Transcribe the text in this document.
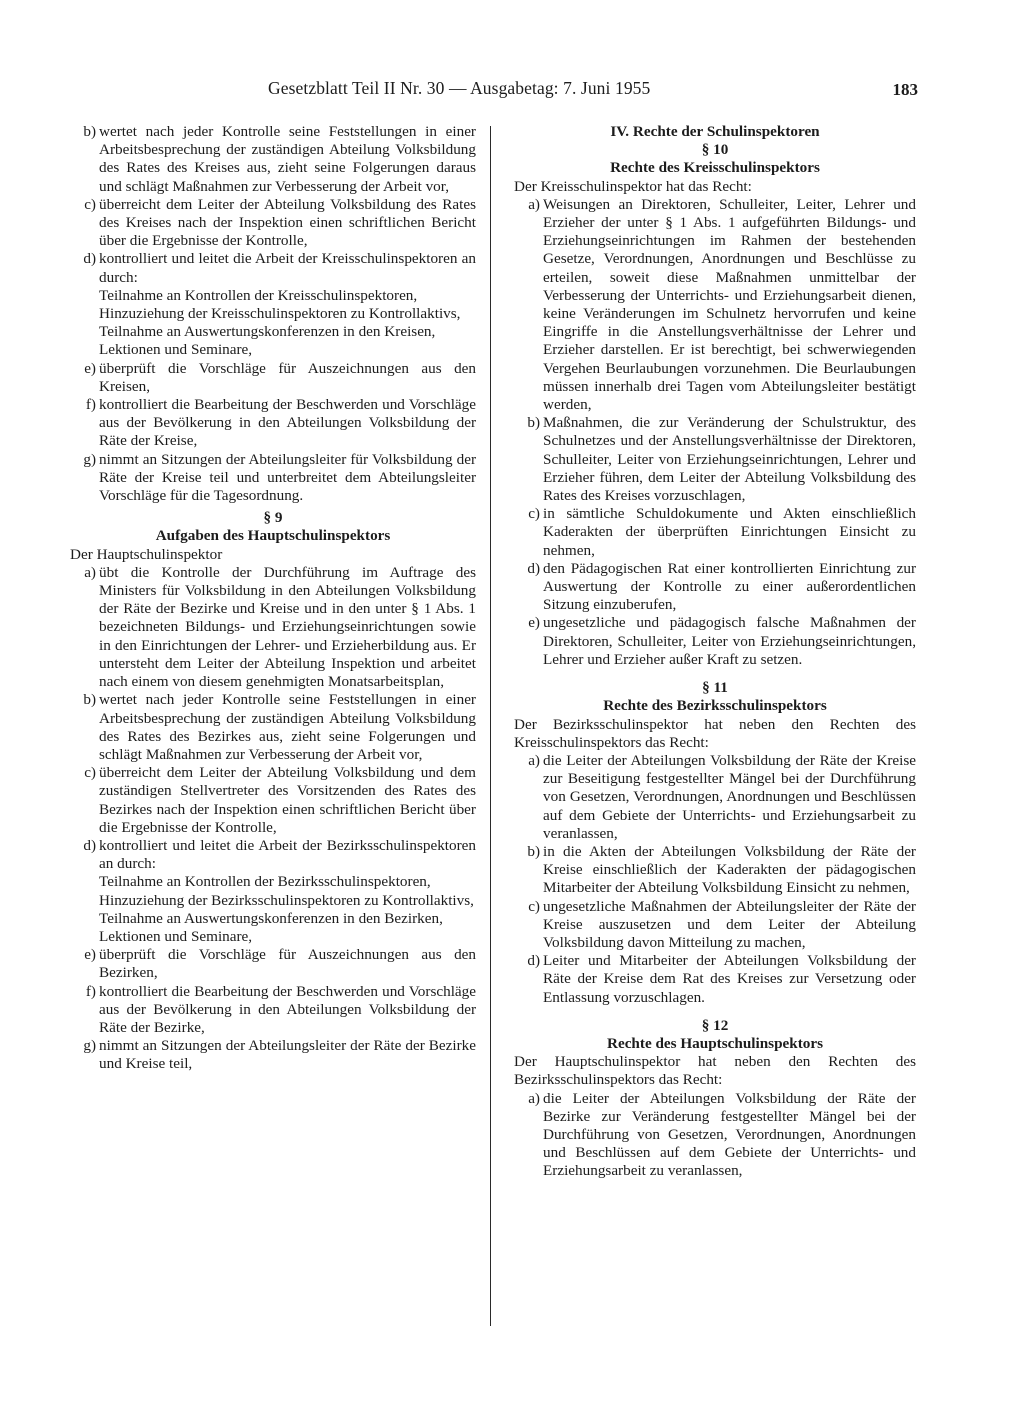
Gesetzblatt Teil II Nr. 30 — Ausgabetag: 7. Juni 1955	183
b) wertet nach jeder Kontrolle seine Feststellungen in einer Arbeitsbesprechung der zuständigen Abteilung Volksbildung des Rates des Kreises aus, zieht seine Folgerungen daraus und schlägt Maßnahmen zur Verbesserung der Arbeit vor,
c) überreicht dem Leiter der Abteilung Volksbildung des Rates des Kreises nach der Inspektion einen schriftlichen Bericht über die Ergebnisse der Kontrolle,
d) kontrolliert und leitet die Arbeit der Kreisschulinspektoren an durch:

Teilnahme an Kontrollen der Kreisschulinspektoren,

Hinzuziehung der Kreisschulinspektoren zu Kontrollaktivs,

Teilnahme an Auswertungskonferenzen in den Kreisen,

Lektionen und Seminare,

e) überprüft die Vorschläge für Auszeichnungen aus den Kreisen,
f) kontrolliert die Bearbeitung der Beschwerden und Vorschläge aus der Bevölkerung in den Abteilungen Volksbildung der Räte der Kreise,
g) nimmt an Sitzungen der Abteilungsleiter für Volksbildung der Räte der Kreise teil und unterbreitet dem Abteilungsleiter Vorschläge für die Tagesordnung.
§ 9
Aufgaben des Hauptschulinspektors

Der Hauptschulinspektor

a) übt die Kontrolle der Durchführung im Auftrage des Ministers für Volksbildung in den Abteilungen Volksbildung der Räte der Bezirke und Kreise und in den unter § 1 Abs. 1 bezeichneten Bildungs- und Erziehungseinrichtungen sowie in den Einrichtungen der Lehrer- und Erzieherbildung aus. Er untersteht dem Leiter der Abteilung Inspektion und arbeitet nach einem von diesem genehmigten Monatsarbeitsplan,
b) wertet nach jeder Kontrolle seine Feststellungen in einer Arbeitsbesprechung der zuständigen Abteilung Volksbildung des Rates des Bezirkes aus, zieht seine Folgerungen und schlägt Maßnahmen zur Verbesserung der Arbeit vor,
c) überreicht dem Leiter der Abteilung Volksbildung und dem zuständigen Stellvertreter des Vorsitzenden des Rates des Bezirkes nach der Inspektion einen schriftlichen Bericht über die Ergebnisse der Kontrolle,
d) kontrolliert und leitet die Arbeit der Bezirksschulinspektoren an durch:

Teilnahme an Kontrollen der Bezirksschulinspektoren,

Hinzuziehung der Bezirksschulinspektoren zu Kontrollaktivs,

Teilnahme an Auswertungskonferenzen in den Bezirken,

Lektionen und Seminare,

e) überprüft die Vorschläge für Auszeichnungen aus den Bezirken,
f) kontrolliert die Bearbeitung der Beschwerden und Vorschläge aus der Bevölkerung in den Abteilungen Volksbildung der Räte der Bezirke,
g) nimmt an Sitzungen der Abteilungsleiter der Räte der Bezirke und Kreise teil,
IV. Rechte der Schulinspektoren
§ 10
Rechte des Kreisschulinspektors

Der Kreisschulinspektor hat das Recht:

a) Weisungen an Direktoren, Schulleiter, Leiter, Lehrer und Erzieher der unter § 1 Abs. 1 aufgeführten Bildungs- und Erziehungseinrichtungen im Rahmen der bestehenden Gesetze, Verordnungen, Anordnungen und Beschlüsse zu erteilen, soweit diese Maßnahmen unmittelbar der Verbesserung der Unterrichts- und Erziehungsarbeit dienen, keine Veränderungen im Schulnetz hervorrufen und keine Eingriffe in die Anstellungsverhältnisse der Lehrer und Erzieher darstellen. Er ist berechtigt, bei schwerwiegenden Vergehen Beurlaubungen vorzunehmen. Die Beurlaubungen müssen innerhalb drei Tagen vom Abteilungsleiter bestätigt werden,
b) Maßnahmen, die zur Veränderung der Schulstruktur, des Schulnetzes und der Anstellungsverhältnisse der Direktoren, Schulleiter, Leiter von Erziehungseinrichtungen, Lehrer und Erzieher führen, dem Leiter der Abteilung Volksbildung des Rates des Kreises vorzuschlagen,
c) in sämtliche Schuldokumente und Akten einschließlich Kaderakten der überprüften Einrichtungen Einsicht zu nehmen,
d) den Pädagogischen Rat einer kontrollierten Einrichtung zur Auswertung der Kontrolle zu einer außerordentlichen Sitzung einzuberufen,
e) ungesetzliche und pädagogisch falsche Maßnahmen der Direktoren, Schulleiter, Leiter von Erziehungseinrichtungen, Lehrer und Erzieher außer Kraft zu setzen.
§ 11
Rechte des Bezirksschulinspektors

Der Bezirksschulinspektor hat neben den Rechten des Kreisschulinspektors das Recht:

a) die Leiter der Abteilungen Volksbildung der Räte der Kreise zur Beseitigung festgestellter Mängel bei der Durchführung von Gesetzen, Verordnungen, Anordnungen und Beschlüssen auf dem Gebiete der Unterrichts- und Erziehungsarbeit zu veranlassen,
b) in die Akten der Abteilungen Volksbildung der Räte der Kreise einschließlich der Kaderakten der pädagogischen Mitarbeiter der Abteilung Volksbildung Einsicht zu nehmen,
c) ungesetzliche Maßnahmen der Abteilungsleiter der Räte der Kreise auszusetzen und dem Leiter der Abteilung Volksbildung davon Mitteilung zu machen,
d) Leiter und Mitarbeiter der Abteilungen Volksbildung der Räte der Kreise dem Rat des Kreises zur Versetzung oder Entlassung vorzuschlagen.
§ 12
Rechte des Hauptschulinspektors

Der Hauptschulinspektor hat neben den Rechten des Bezirksschulinspektors das Recht:

a) die Leiter der Abteilungen Volksbildung der Räte der Bezirke zur Veränderung festgestellter Mängel bei der Durchführung von Gesetzen, Verordnungen, Anordnungen und Beschlüssen auf dem Gebiete der Unterrichts- und Erziehungsarbeit zu veranlassen,
